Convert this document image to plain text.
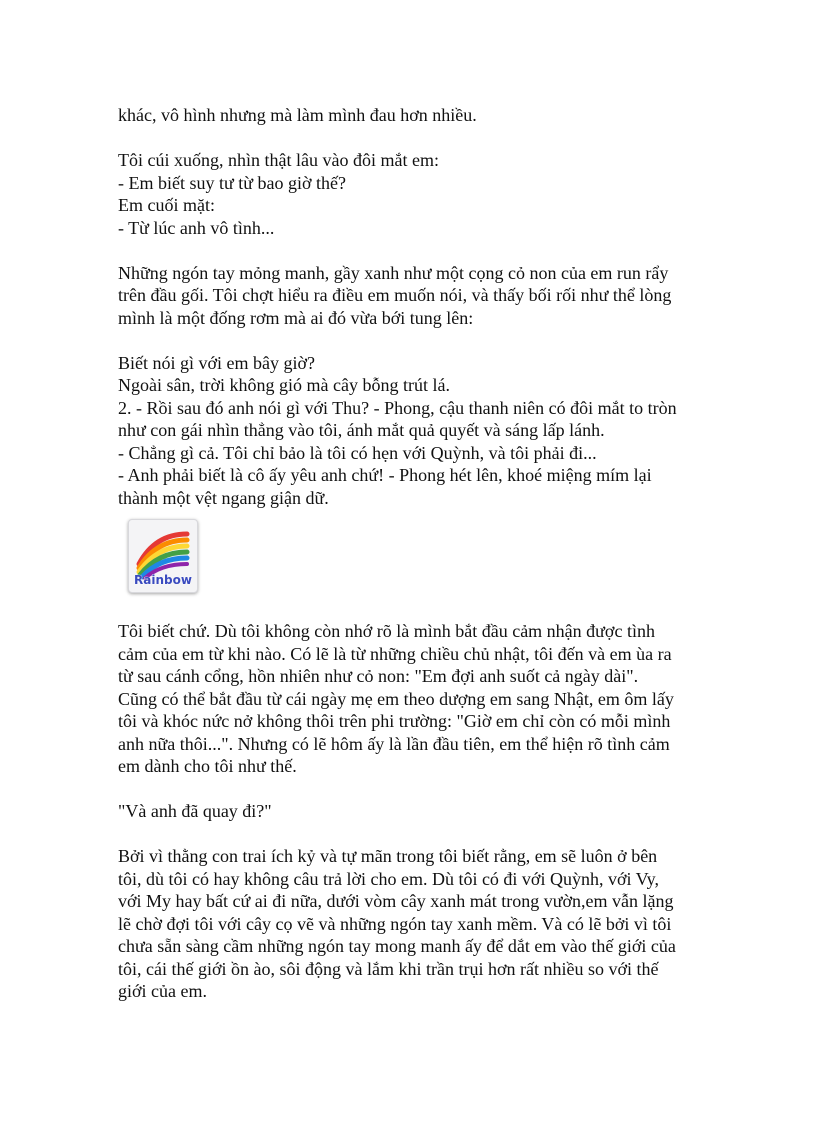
khác, vô hình nhưng mà làm mình đau hơn nhiều.
Tôi cúi xuống, nhìn thật lâu vào đôi mắt em:
- Em biết suy tư từ bao giờ thế?
Em cuối mặt:
- Từ lúc anh vô tình...
Những ngón tay mỏng manh, gầy xanh như một cọng cỏ non của em run rẩy
trên đầu gối. Tôi chợt hiểu ra điều em muốn nói, và thấy bối rối như thể lòng
mình là một đống rơm mà ai đó vừa bới tung lên:
Biết nói gì với em bây giờ?
Ngoài sân, trời không gió mà cây bỗng trút lá.
2. - Rồi sau đó anh nói gì với Thu? - Phong, cậu thanh niên có đôi mắt to tròn
như con gái nhìn thẳng vào tôi, ánh mắt quả quyết và sáng lấp lánh.
- Chẳng gì cả. Tôi chỉ bảo là tôi có hẹn với Quỳnh, và tôi phải đi...
- Anh phải biết là cô ấy yêu anh chứ! - Phong hét lên, khoé miệng mím lại
thành một vệt ngang giận dữ.
Rainbow
Tôi biết chứ. Dù tôi không còn nhớ rõ là mình bắt đầu cảm nhận được tình
cảm của em từ khi nào. Có lẽ là từ những chiều chủ nhật, tôi đến và em ùa ra
từ sau cánh cổng, hồn nhiên như cỏ non: "Em đợi anh suốt cả ngày dài".
Cũng có thể bắt đầu từ cái ngày mẹ em theo dượng em sang Nhật, em ôm lấy
tôi và khóc nức nở không thôi trên phi trường: "Giờ em chỉ còn có mỗi mình
anh nữa thôi...". Nhưng có lẽ hôm ấy là lần đầu tiên, em thể hiện rõ tình cảm
em dành cho tôi như thế.
"Và anh đã quay đi?"
Bởi vì thằng con trai ích kỷ và tự mãn trong tôi biết rằng, em sẽ luôn ở bên
tôi, dù tôi có hay không câu trả lời cho em. Dù tôi có đi với Quỳnh, với Vy,
với My hay bất cứ ai đi nữa, dưới vòm cây xanh mát trong vườn,em vẫn lặng
lẽ chờ đợi tôi với cây cọ vẽ và những ngón tay xanh mềm. Và có lẽ bởi vì tôi
chưa sẵn sàng cầm những ngón tay mong manh ấy để dắt em vào thế giới của
tôi, cái thế giới ồn ào, sôi động và lắm khi trần trụi hơn rất nhiều so với thế
giới của em.
